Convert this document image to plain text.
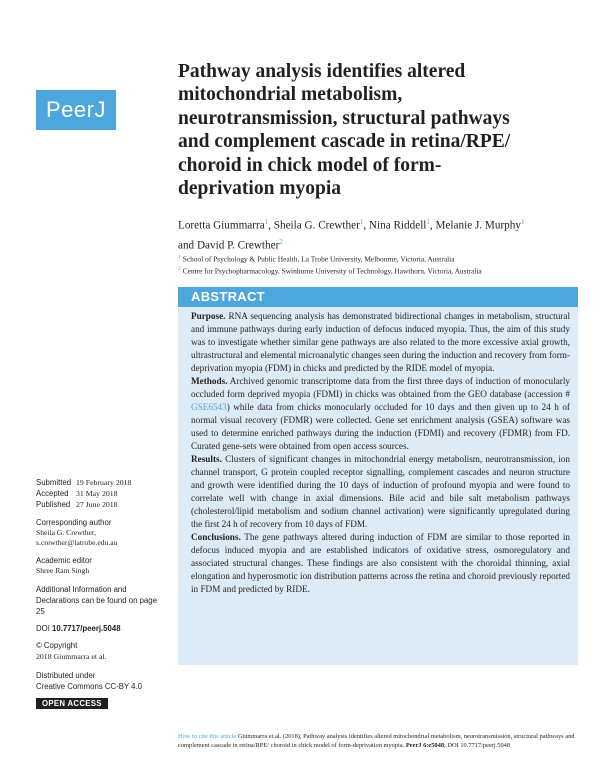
PeerJ
Pathway analysis identifies altered
mitochondrial metabolism,
neurotransmission, structural pathways
and complement cascade in retina/RPE/
choroid in chick model of form-
deprivation myopia
Loretta Giummarra$^1$, Sheila G. Crewther$^1$, Nina Riddell$^1$, Melanie J. Murphy$^1$
and David P. Crewther$^2$
$^1$ School of Psychology & Public Health, La Trobe University, Melbourne, Victoria, Australia
$^2$ Centre for Psychopharmacology, Swinburne University of Technology, Hawthorn, Victoria, Australia
ABSTRACT

Purpose. RNA sequencing analysis has demonstrated bidirectional changes in metabolism, structural and immune pathways during early induction of defocus induced myopia. Thus, the aim of this study was to investigate whether similar gene pathways are also related to the more excessive axial growth, ultrastructural and elemental microanalytic changes seen during the induction and recovery from form-deprivation myopia (FDM) in chicks and predicted by the RIDE model of myopia.

Methods. Archived genomic transcriptome data from the first three days of induction of monocularly occluded form deprived myopia (FDMI) in chicks was obtained from the GEO database (accession # GSE6543) while data from chicks monocularly occluded for 10 days and then given up to 24 h of normal visual recovery (FDMR) were collected. Gene set enrichment analysis (GSEA) software was used to determine enriched pathways during the induction (FDMI) and recovery (FDMR) from FD. Curated gene-sets were obtained from open access sources.

Results. Clusters of significant changes in mitochondrial energy metabolism, neurotransmission, ion channel transport, G protein coupled receptor signalling, complement cascades and neuron structure and growth were identified during the 10 days of induction of profound myopia and were found to correlate well with change in axial dimensions. Bile acid and bile salt metabolism pathways (cholesterol/lipid metabolism and sodium channel activation) were significantly upregulated during the first 24 h of recovery from 10 days of FDM.

Conclusions. The gene pathways altered during induction of FDM are similar to those reported in defocus induced myopia and are established indicators of oxidative stress, osmoregulatory and associated structural changes. These findings are also consistent with the choroidal thinning, axial elongation and hyperosmotic ion distribution patterns across the retina and choroid previously reported in FDM and predicted by RIDE.

Submitted 19 February 2018
Accepted 31 May 2018
Published 27 June 2018
Corresponding author
Sheila G. Crewther,
s.crewther@latrobe.edu.au
Academic editor
Shree Ram Singh
Additional Information and Declarations can be found on page 25
DOI 10.7717/peerj.5048
© Copyright
2018 Giummarra et al.
Distributed under
Creative Commons CC-BY 4.0
OPEN ACCESS
How to cite this article Giummarra et al. (2018), Pathway analysis identifies altered mitochondrial metabolism, neurotransmission, structural pathways and complement cascade in retina/RPE/ choroid in chick model of form-deprivation myopia. PeerJ 6:e5048; DOI 10.7717/peerj.5048
